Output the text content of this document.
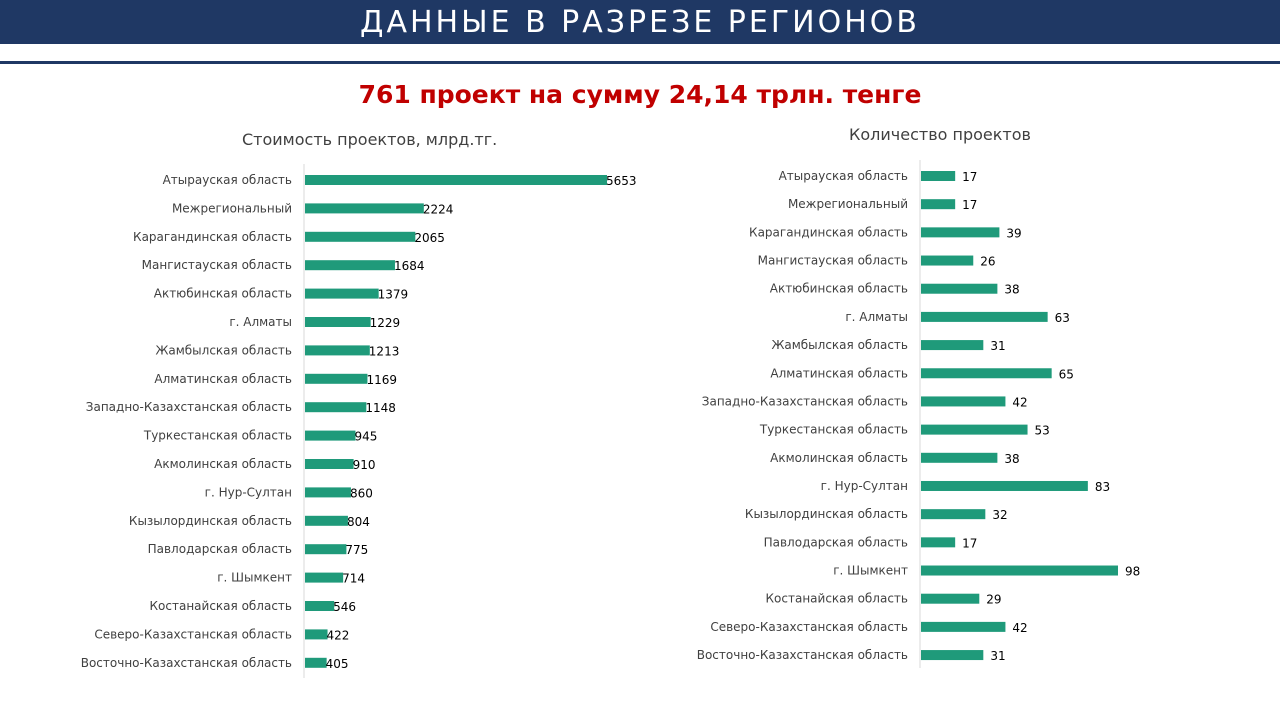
ДАННЫЕ В РАЗРЕЗЕ РЕГИОНОВ
761 проект на сумму 24,14 трлн. тенге
Стоимость проектов, млрд.тг.
Атырауская область	5653
Межрегиональный	2224
Карагандинская область	2065
Мангистауская область	1684
Актюбинская область	1379
г. Алматы	1229
Жамбылская область	1213
Алматинская область	1169
Западно-Казахстанская область	1148
Туркестанская область	945
Акмолинская область	910
г. Нур-Султан	860
Кызылординская область	804
Павлодарская область	775
г. Шымкент	714
Костанайская область	546
Северо-Казахстанская область	422
Восточно-Казахстанская область	405
Количество проектов
Атырауская область	17
Межрегиональный	17
Карагандинская область	39
Мангистауская область	26
Актюбинская область	38
г. Алматы	63
Жамбылская область	31
Алматинская область	65
Западно-Казахстанская область	42
Туркестанская область	53
Акмолинская область	38
г. Нур-Султан	83
Кызылординская область	32
Павлодарская область	17
г. Шымкент	98
Костанайская область	29
Северо-Казахстанская область	42
Восточно-Казахстанская область	31
